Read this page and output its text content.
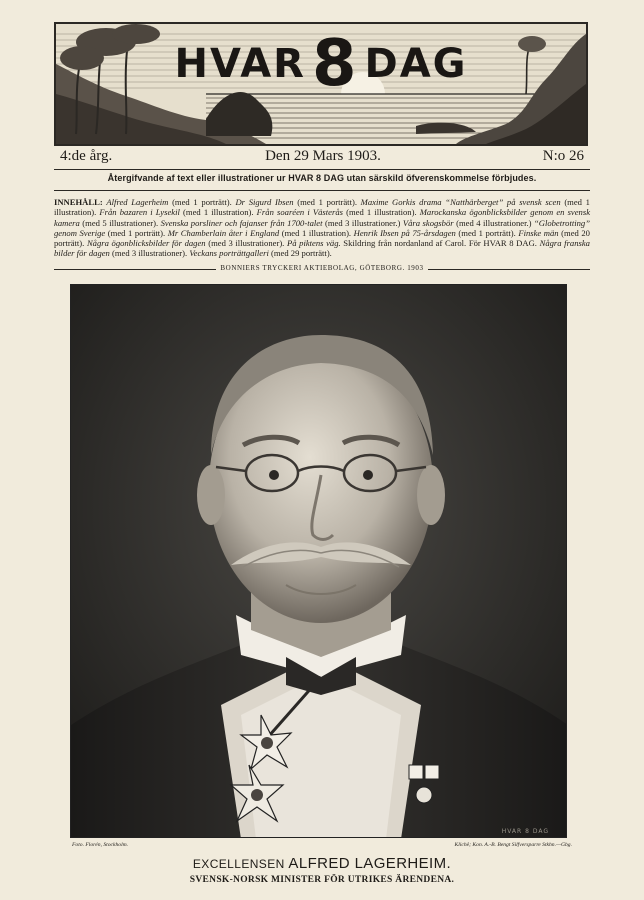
HVAR8 DAG
4:de årg.	Den 29 Mars 1903.	N:o 26
Återgifvande af text eller illustrationer ur HVAR 8 DAG utan särskild öfverenskommelse förbjudes.
INNEHÅLL: Alfred Lagerheim (med 1 porträtt). Dr Sigurd Ibsen (med 1 porträtt). Maxime Gorkis drama “Natthärberget” på svensk scen (med 1 illustration). Från bazaren i Lysekil (med 1 illustration). Från soaréen i Västerås (med 1 illustration). Marockanska ögonblicksbilder genom en svensk kamera (med 5 illustrationer). Svenska porsliner och fajanser från 1700-talet (med 3 illustrationer.) Våra skogsbör (med 4 illustrationer.) “Globetrotting” genom Sverige (med 1 porträtt). Mr Chamberlain åter i England (med 1 illustration). Henrik Ibsen på 75-årsdagen (med 1 porträtt). Finske män (med 20 porträtt). Några ögonblicksbilder för dagen (med 3 illustrationer). På piktens väg. Skildring från nordanland af Carol. För HVAR 8 DAG. Några franska bilder för dagen (med 3 illustrationer). Veckans porträttgalleri (med 29 porträtt).
BONNIERS TRYCKERI AKTIEBOLAG, GÖTEBORG. 1903
HVAR 8 DAG
Foto. Florén, Stockholm.	Klichê; Kon. A.-B. Bengt Silfversparre Stkhn.—Gbg.
EXCELLENSEN ALFRED LAGERHEIM.
SVENSK-NORSK MINISTER FÖR UTRIKES ÄRENDENA.
